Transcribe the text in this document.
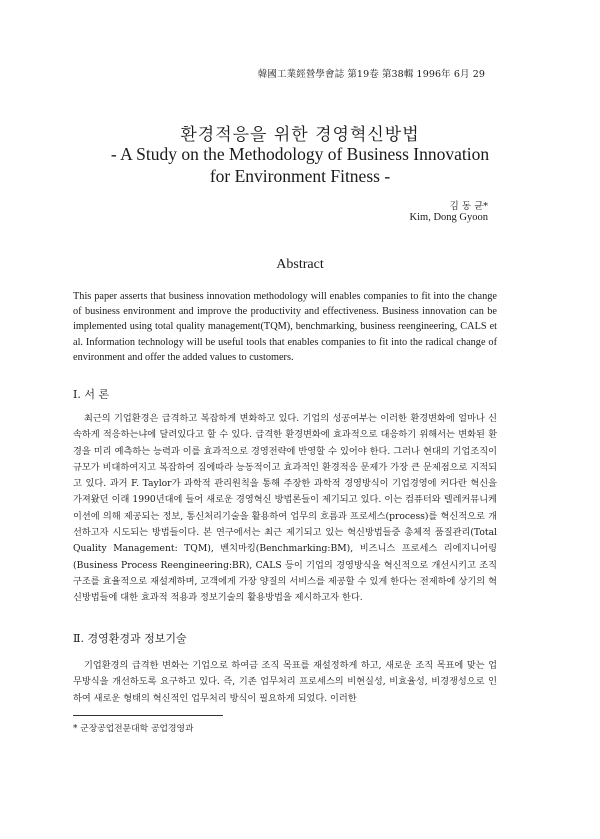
韓國工業經營學會誌 第19卷 第38輯 1996年 6月 29
환경적응을 위한 경영혁신방법
- A Study on the Methodology of Business Innovation
for Environment Fitness -
김 동 균*
Kim, Dong Gyoon
Abstract
This paper asserts that business innovation methodology will enables companies to fit into the change of business environment and improve the productivity and effectiveness. Business innovation can be implemented using total quality management(TQM), benchmarking, business reengineering, CALS et al. Information technology will be useful tools that enables companies to fit into the radical change of environment and offer the added values to customers.
Ⅰ. 서 론
최근의 기업환경은 급격하고 복잡하게 변화하고 있다. 기업의 성공여부는 이러한 환경변화에 얼마나 신속하게 적응하는냐에 달려있다고 할 수 있다. 급격한 환경변화에 효과적으로 대응하기 위해서는 변화된 환경을 미리 예측하는 능력과 이를 효과적으로 경영전략에 반영할 수 있어야 한다. 그러나 현대의 기업조직이 규모가 비대하여지고 복잡하여 짐에따라 능동적이고 효과적인 환경적응 문제가 가장 큰 문제점으로 지적되고 있다. 과거 F. Taylor가 과학적 관리원칙을 통해 주장한 과학적 경영방식이 기업경영에 커다란 혁신을 가져왔던 이래 1990년대에 들어 새로운 경영혁신 방법론들이 제기되고 있다. 이는 컴퓨터와 텔레커뮤니케이션에 의해 제공되는 정보, 통신처리기술을 활용하여 업무의 흐름과 프로세스(process)를 혁신적으로 개선하고자 시도되는 방법들이다. 본 연구에서는 최근 제기되고 있는 혁신방법들중 총체적 품질관리(Total Quality Management: TQM), 벤치마킹(Benchmarking:BM), 비즈니스 프로세스 리에지니어링(Business Process Reengineering:BR), CALS 등이 기업의 경영방식을 혁신적으로 개선시키고 조직구조를 효율적으로 재설계하며, 고객에게 가장 양질의 서비스를 제공할 수 있게 한다는 전제하에 상기의 혁신방법들에 대한 효과적 적용과 정보기술의 활용방법을 제시하고자 한다.
Ⅱ. 경영환경과 정보기술
기업환경의 급격한 변화는 기업으로 하여금 조직 목표를 재설정하게 하고, 새로운 조직 목표에 맞는 업무방식을 개선하도록 요구하고 있다. 즉, 기존 업무처리 프로세스의 비현실성, 비효율성, 비경쟁성으로 인하여 새로운 형태의 혁신적인 업무처리 방식이 필요하게 되었다. 이러한
* 군장공업전문대학 공업경영과
